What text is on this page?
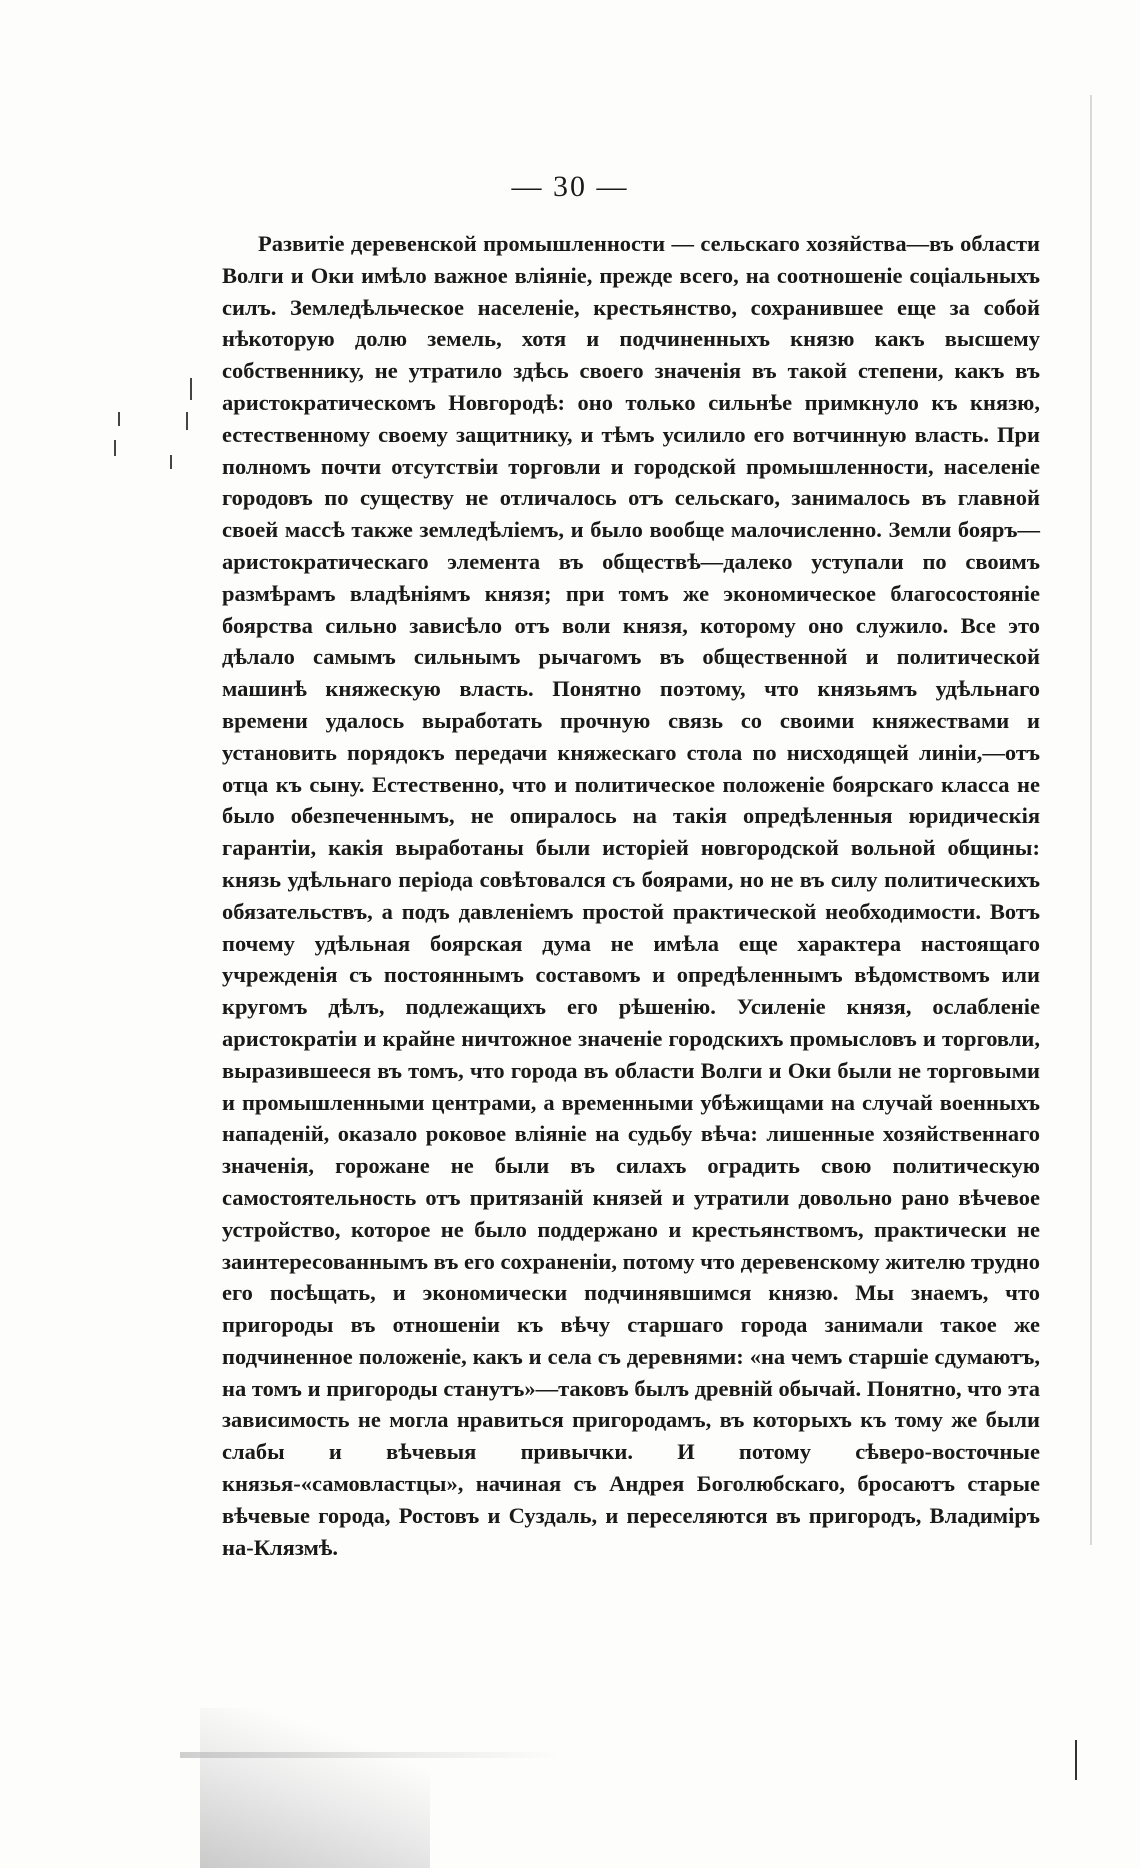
— 30 —

Развитіе деревенской промышленности — сельскаго хозяйства—въ области Волги и Оки имѣло важное вліяніе, прежде всего, на соотношеніе соціальныхъ силъ. Земледѣльческое населеніе, крестьянство, сохранившее еще за собой нѣкоторую долю земель, хотя и подчиненныхъ князю какъ высшему собственнику, не утратило здѣсь своего значенія въ такой степени, какъ въ аристократическомъ Новгородѣ: оно только сильнѣе примкнуло къ князю, естественному своему защитнику, и тѣмъ усилило его вотчинную власть. При полномъ почти отсутствіи торговли и городской промышленности, населеніе городовъ по существу не отличалось отъ сельскаго, занималось въ главной своей массѣ также земледѣліемъ, и было вообще малочисленно. Земли бояръ—аристократическаго элемента въ обществѣ—далеко уступали по своимъ размѣрамъ владѣніямъ князя; при томъ же экономическое благосостояніе боярства сильно зависѣло отъ воли князя, которому оно служило. Все это дѣлало самымъ сильнымъ рычагомъ въ общественной и политической машинѣ княжескую власть. Понятно поэтому, что князьямъ удѣльнаго времени удалось выработать прочную связь со своими княжествами и установить порядокъ передачи княжескаго стола по нисходящей линіи,—отъ отца къ сыну. Естественно, что и политическое положеніе боярскаго класса не было обезпеченнымъ, не опиралось на такія опредѣленныя юридическія гарантіи, какія выработаны были исторіей новгородской вольной общины: князь удѣльнаго періода совѣтовался съ боярами, но не въ силу политическихъ обязательствъ, а подъ давленіемъ простой практической необходимости. Вотъ почему удѣльная боярская дума не имѣла еще характера настоящаго учрежденія съ постояннымъ составомъ и опредѣленнымъ вѣдомствомъ или кругомъ дѣлъ, подлежащихъ его рѣшенію. Усиленіе князя, ослабленіе аристократіи и крайне ничтожное значеніе городскихъ промысловъ и торговли, выразившееся въ томъ, что города въ области Волги и Оки были не торговыми и промышленными центрами, а временными убѣжищами на случай военныхъ нападеній, оказало роковое вліяніе на судьбу вѣча: лишенные хозяйственнаго значенія, горожане не были въ силахъ оградить свою политическую самостоятельность отъ притязаній князей и утратили довольно рано вѣчевое устройство, которое не было поддержано и крестьянствомъ, практически не заинтересованнымъ въ его сохраненіи, потому что деревенскому жителю трудно его посѣщать, и экономически подчинявшимся князю. Мы знаемъ, что пригороды въ отношеніи къ вѣчу старшаго города занимали такое же подчиненное положеніе, какъ и села съ деревнями: «на чемъ старшіе сдумаютъ, на томъ и пригороды станутъ»—таковъ былъ древній обычай. Понятно, что эта зависимость не могла нравиться пригородамъ, въ которыхъ къ тому же были слабы и вѣчевыя привычки. И потому сѣверо-восточные князья-«самовластцы», начиная съ Андрея Боголюбскаго, бросаютъ старые вѣчевые города, Ростовъ и Суздаль, и переселяются въ пригородъ, Владиміръ на-Клязмѣ.
